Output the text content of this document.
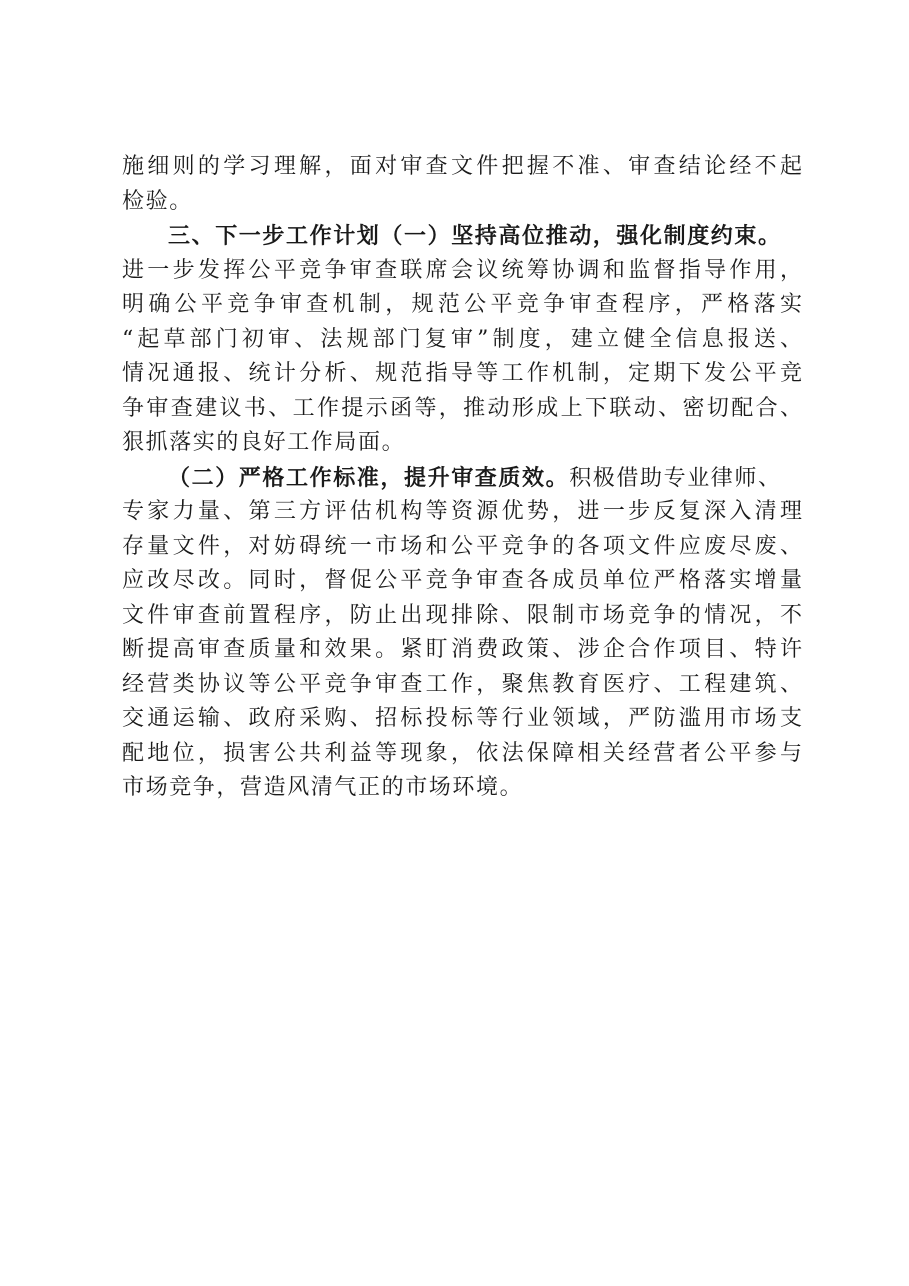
施细则的学习理解，面对审查文件把握不准、审查结论经不起
检验。
三、下一步工作计划（一）坚持高位推动，强化制度约束。
进一步发挥公平竞争审查联席会议统筹协调和监督指导作用，
明确公平竞争审查机制，规范公平竞争审查程序，严格落实
“起草部门初审、法规部门复审”制度，建立健全信息报送、
情况通报、统计分析、规范指导等工作机制，定期下发公平竞
争审查建议书、工作提示函等，推动形成上下联动、密切配合、
狠抓落实的良好工作局面。
（二）严格工作标准，提升审查质效。积极借助专业律师、
专家力量、第三方评估机构等资源优势，进一步反复深入清理
存量文件，对妨碍统一市场和公平竞争的各项文件应废尽废、
应改尽改。同时，督促公平竞争审查各成员单位严格落实增量
文件审查前置程序，防止出现排除、限制市场竞争的情况，不
断提高审查质量和效果。紧盯消费政策、涉企合作项目、特许
经营类协议等公平竞争审查工作，聚焦教育医疗、工程建筑、
交通运输、政府采购、招标投标等行业领域，严防滥用市场支
配地位，损害公共利益等现象，依法保障相关经营者公平参与
市场竞争，营造风清气正的市场环境。
